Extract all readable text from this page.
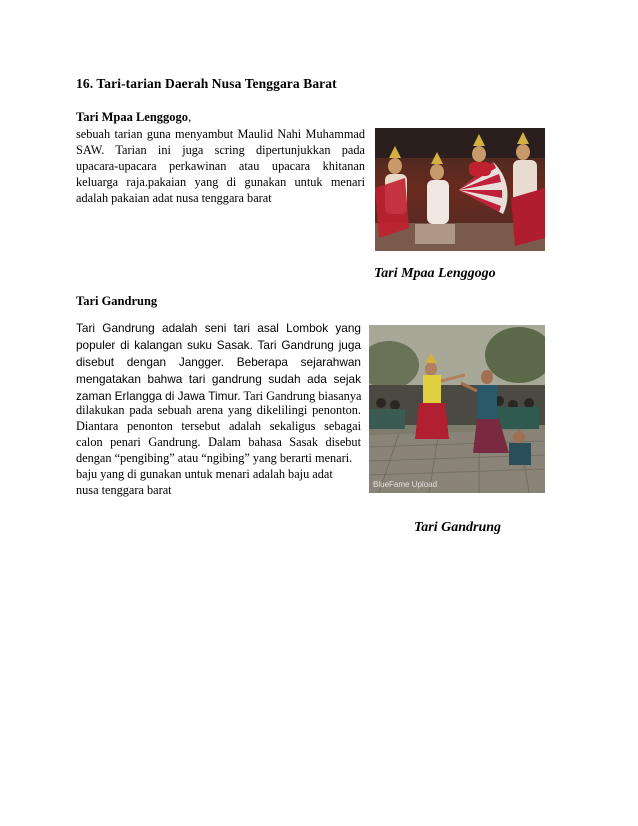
16. Tari-tarian Daerah Nusa Tenggara Barat
Tari Mpaa Lenggogo,
sebuah tarian guna menyambut Maulid Nahi Muhammad
SAW. Tarian ini juga scring dipertunjukkan pada
upacara-upacara perkawinan atau upacara khitanan
keluarga raja.pakaian yang di gunakan untuk menari
adalah pakaian adat nusa tenggara barat
Tari Mpaa Lenggogo
Tari Gandrung
Tari Gandrung adalah seni tari asal Lombok yang
populer di kalangan suku Sasak. Tari Gandrung juga
disebut dengan Jangger. Beberapa sejarahwan
mengatakan bahwa tari gandrung sudah ada sejak
zaman Erlangga di Jawa Timur. Tari Gandrung biasanya
dilakukan pada sebuah arena yang dikelilingi penonton.
Diantara penonton tersebut adalah sekaligus sebagai
calon penari Gandrung. Dalam bahasa Sasak disebut
dengan “pengibing” atau “ngibing” yang berarti menari.
baju yang di gunakan untuk menari adalah baju adat
nusa tenggara barat	BlueFame Upload
Tari Gandrung
